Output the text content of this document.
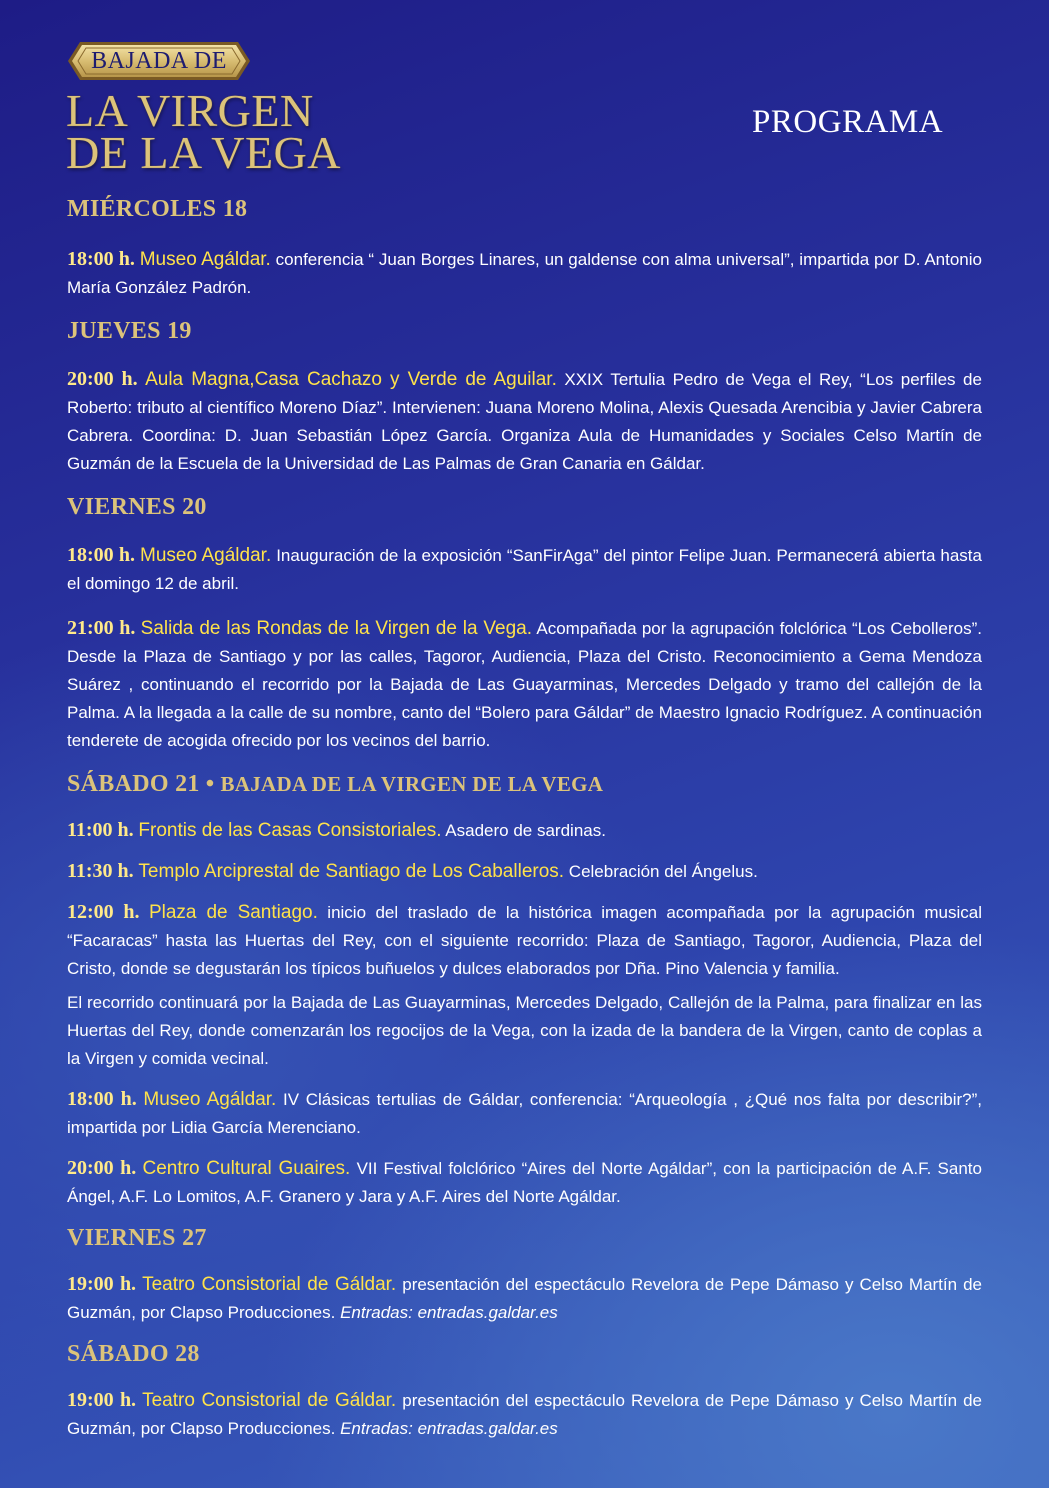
BAJADA DE
LA VIRGEN
DE LA VEGA
PROGRAMA
MIÉRCOLES 18

18:00 h. Museo Agáldar. conferencia “ Juan Borges Linares, un galdense con alma universal”, impartida por D. Antonio María González Padrón.

JUEVES 19

20:00 h. Aula Magna,Casa Cachazo y Verde de Aguilar. XXIX Tertulia Pedro de Vega el Rey, “Los perfiles de Roberto: tributo al científico Moreno Díaz”. Intervienen: Juana Moreno Molina, Alexis Quesada Arencibia y Javier Cabrera Cabrera. Coordina: D. Juan Sebastián López García. Organiza Aula de Humanidades y Sociales Celso Martín de Guzmán de la Escuela de la Universidad de Las Palmas de Gran Canaria en Gáldar.

VIERNES 20

18:00 h. Museo Agáldar. Inauguración de la exposición “SanFirAga” del pintor Felipe Juan. Permanecerá abierta hasta el domingo 12 de abril.

21:00 h. Salida de las Rondas de la Virgen de la Vega. Acompañada por la agrupación folclórica “Los Cebolleros”. Desde la Plaza de Santiago y por las calles, Tagoror, Audiencia, Plaza del Cristo. Reconocimiento a Gema Mendoza Suárez , continuando el recorrido por la Bajada de Las Guayarminas, Mercedes Delgado y tramo del callejón de la Palma. A la llegada a la calle de su nombre, canto del “Bolero para Gáldar” de Maestro Ignacio Rodríguez. A continuación tenderete de acogida ofrecido por los vecinos del barrio.

SÁBADO 21 • BAJADA DE LA VIRGEN DE LA VEGA

11:00 h. Frontis de las Casas Consistoriales. Asadero de sardinas.

11:30 h. Templo Arciprestal de Santiago de Los Caballeros. Celebración del Ángelus.

12:00 h. Plaza de Santiago. inicio del traslado de la histórica imagen acompañada por la agrupación musical “Facaracas” hasta las Huertas del Rey, con el siguiente recorrido: Plaza de Santiago, Tagoror, Audiencia, Plaza del Cristo, donde se degustarán los típicos buñuelos y dulces elaborados por Dña. Pino Valencia y familia.

El recorrido continuará por la Bajada de Las Guayarminas, Mercedes Delgado, Callejón de la Palma, para finalizar en las Huertas del Rey, donde comenzarán los regocijos de la Vega, con la izada de la bandera de la Virgen, canto de coplas a la Virgen y comida vecinal.

18:00 h. Museo Agáldar. IV Clásicas tertulias de Gáldar, conferencia: “Arqueología , ¿Qué nos falta por describir?”, impartida por Lidia García Merenciano.

20:00 h. Centro Cultural Guaires. VII Festival folclórico “Aires del Norte Agáldar”, con la participación de A.F. Santo Ángel, A.F. Lo Lomitos, A.F. Granero y Jara y A.F. Aires del Norte Agáldar.

VIERNES 27

19:00 h. Teatro Consistorial de Gáldar. presentación del espectáculo Revelora de Pepe Dámaso y Celso Martín de Guzmán, por Clapso Producciones. Entradas: entradas.galdar.es

SÁBADO 28

19:00 h. Teatro Consistorial de Gáldar. presentación del espectáculo Revelora de Pepe Dámaso y Celso Martín de Guzmán, por Clapso Producciones. Entradas: entradas.galdar.es
